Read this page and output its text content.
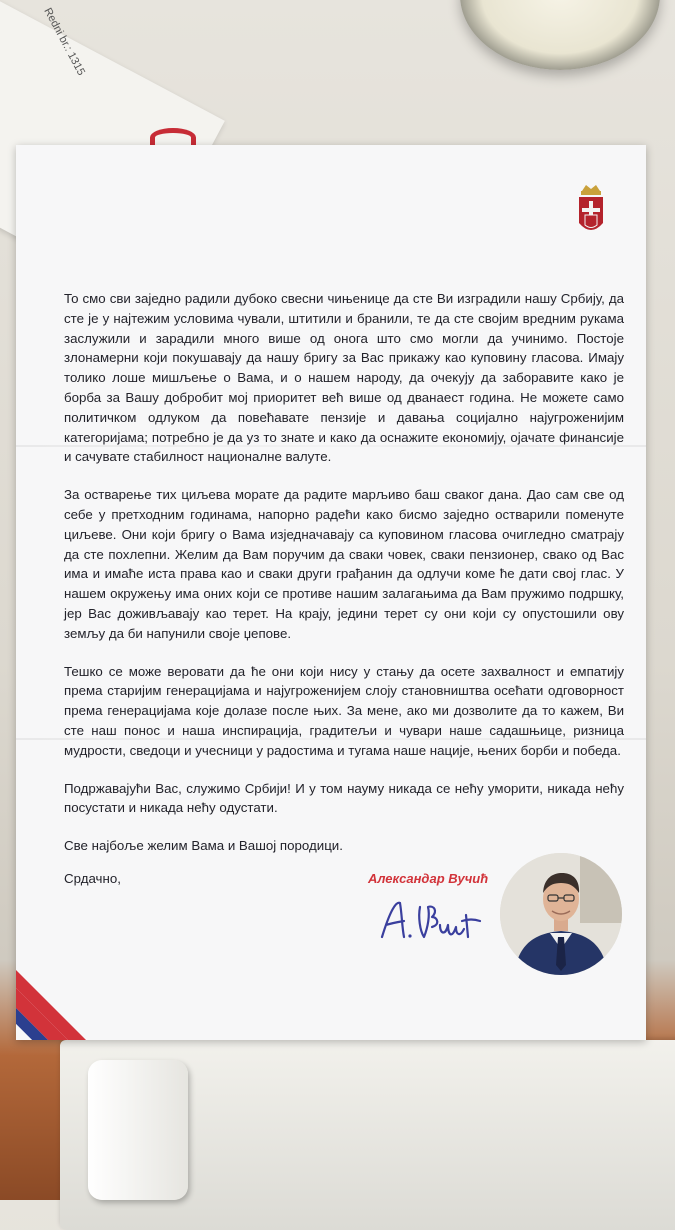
Redni br.: 1315

То смо сви заједно радили дубоко свесни чињенице да сте Ви изградили нашу Србију, да сте је у најтежим условима чували, штитили и бранили, те да сте својим вредним рукама заслужили и зарадили много више од онога што смо могли да учинимо. Постоје злонамерни који покушавају да нашу бригу за Вас прикажу као куповину гласова. Имају толико лоше мишљење о Вама, и о нашем народу, да очекују да заборавите како је борба за Вашу добробит мој приоритет већ више од дванаест година. Не можете само политичком одлуком да повећавате пензије и давања социјално најугроженијим категоријама; потребно је да уз то знате и како да оснажите економију, ојачате финансије и сачувате стабилност националне валуте.

За остварење тих циљева морате да радите марљиво баш сваког дана. Дао сам све од себе у претходним годинама, напорно радећи како бисмо заједно остварили поменуте циљеве. Они који бригу о Вама изједначавају са куповином гласова очигледно сматрају да сте похлепни. Желим да Вам поручим да сваки човек, сваки пензионер, свако од Вас има и имаће иста права као и сваки други грађанин да одлучи коме ће дати свој глас. У нашем окружењу има оних који се противе нашим залагањима да Вам пружимо подршку, јер Вас доживљавају као терет. На крају, једини терет су они који су опустошили ову земљу да би напунили своје џепове.

Тешко се може веровати да ће они који нису у стању да осете захвалност и емпатију према старијим генерацијама и најугроженијем слоју становништва осећати одговорност према генерацијама које долазе после њих. За мене, ако ми дозволите да то кажем, Ви сте наш понос и наша инспирација, градитељи и чувари наше садашњице, ризница мудрости, сведоци и учесници у радостима и тугама наше нације, њених борби и победа.

Подржавајући Вас, служимо Србији! И у том науму никада се нећу уморити, никада нећу посустати и никада нећу одустати.

Све најбоље желим Вама и Вашој породици.

Срдачно,	Александар Вучић
